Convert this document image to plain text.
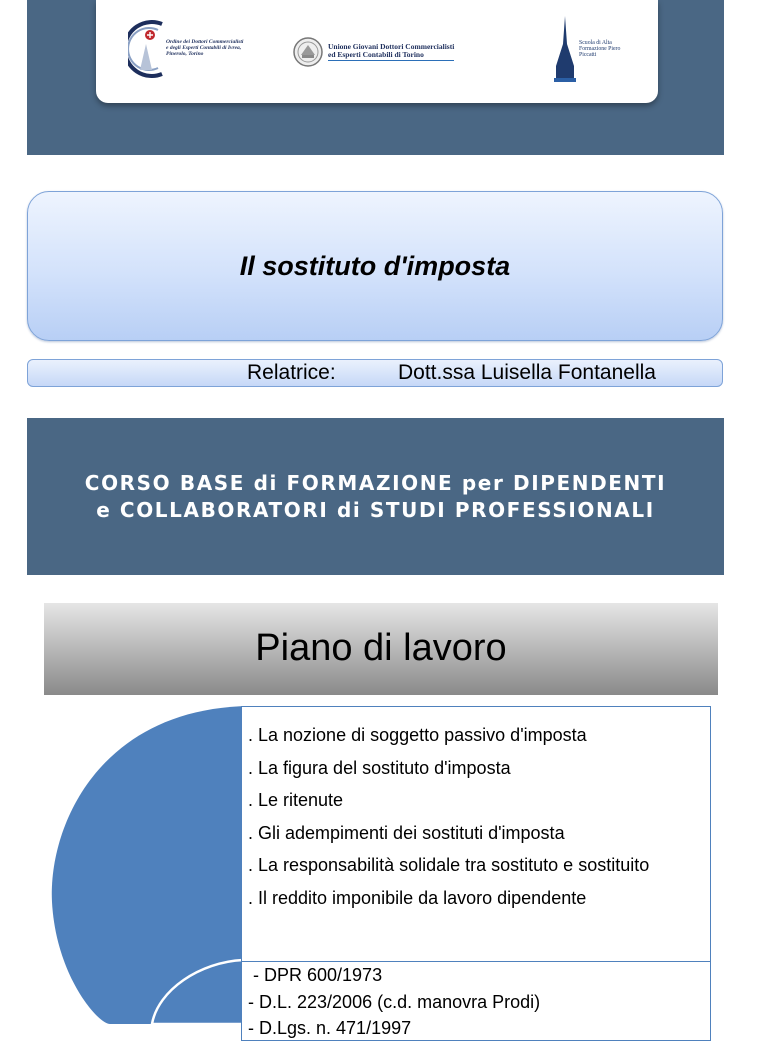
Ordine dei Dottori Commercialisti e degli Esperti Contabili di Ivrea, Pinerolo, Torino
Unione Giovani Dottori Commercialisti
ed Esperti Contabili di Torino
Scuola di Alta Formazione Piero Piccatti
Il sostituto d'imposta
Relatrice:	Dott.ssa Luisella Fontanella
CORSO BASE di FORMAZIONE per DIPENDENTI
e COLLABORATORI di STUDI PROFESSIONALI
Piano di lavoro
. La nozione di soggetto passivo d'imposta
. La figura del sostituto d'imposta
. Le ritenute
. Gli adempimenti dei sostituti d'imposta
. La responsabilità solidale tra sostituto e sostituito
. Il reddito imponibile da lavoro dipendente
- DPR 600/1973
- D.L. 223/2006 (c.d. manovra Prodi)
- D.Lgs. n. 471/1997
